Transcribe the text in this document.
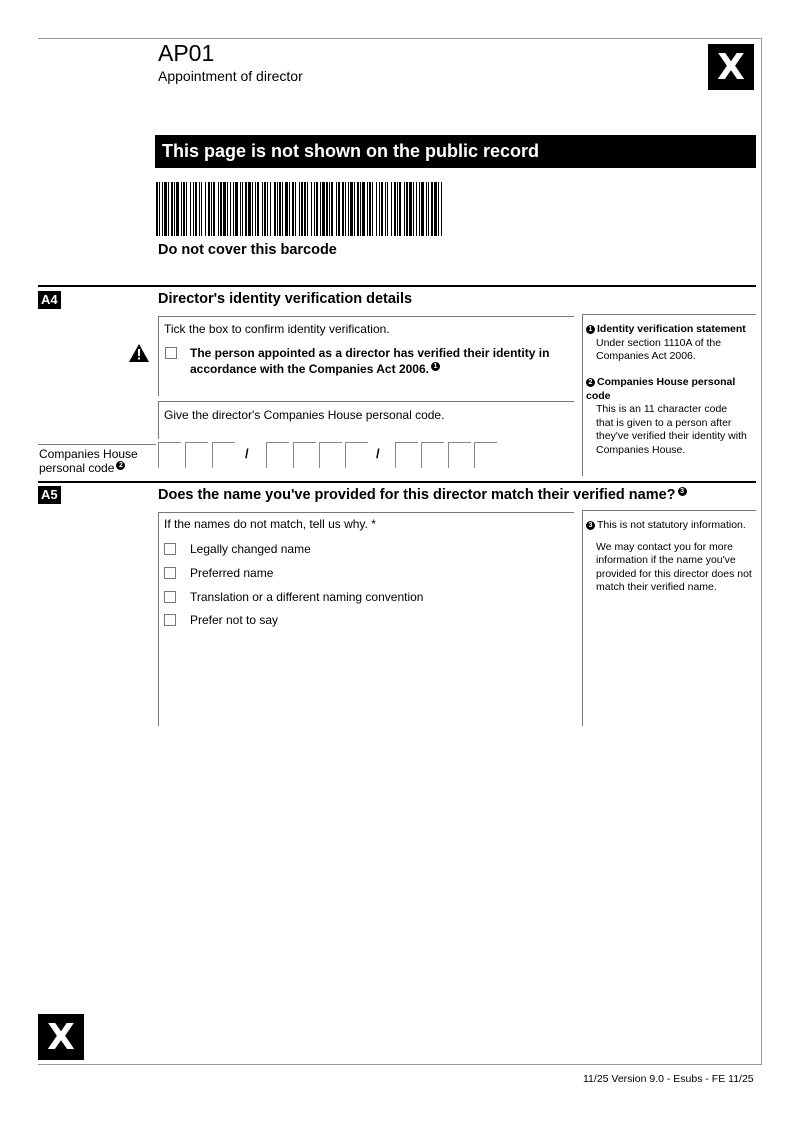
AP01
Appointment of director	X
This page is not shown on the public record
Do not cover this barcode
A4	Director's identity verification details
Tick the box to confirm identity verification.
The person appointed as a director has verified their identity in
accordance with the Companies Act 2006. 1
Give the director's Companies House personal code.
Companies House
personal code 2
/	/
1 Identity verification statement
Under section 1110A of the
Companies Act 2006.
2 Companies House personal code
This is an 11 character code
that is given to a person after
they've verified their identity with
Companies House.
A5	Does the name you've provided for this director match their verified name? 3
If the names do not match, tell us why. *
Legally changed name
Preferred name
Translation or a different naming convention
Prefer not to say
3 This is not statutory information.
We may contact you for more
information if the name you've
provided for this director does not
match their verified name.
X
11/25 Version 9.0 - Esubs - FE 11/25
